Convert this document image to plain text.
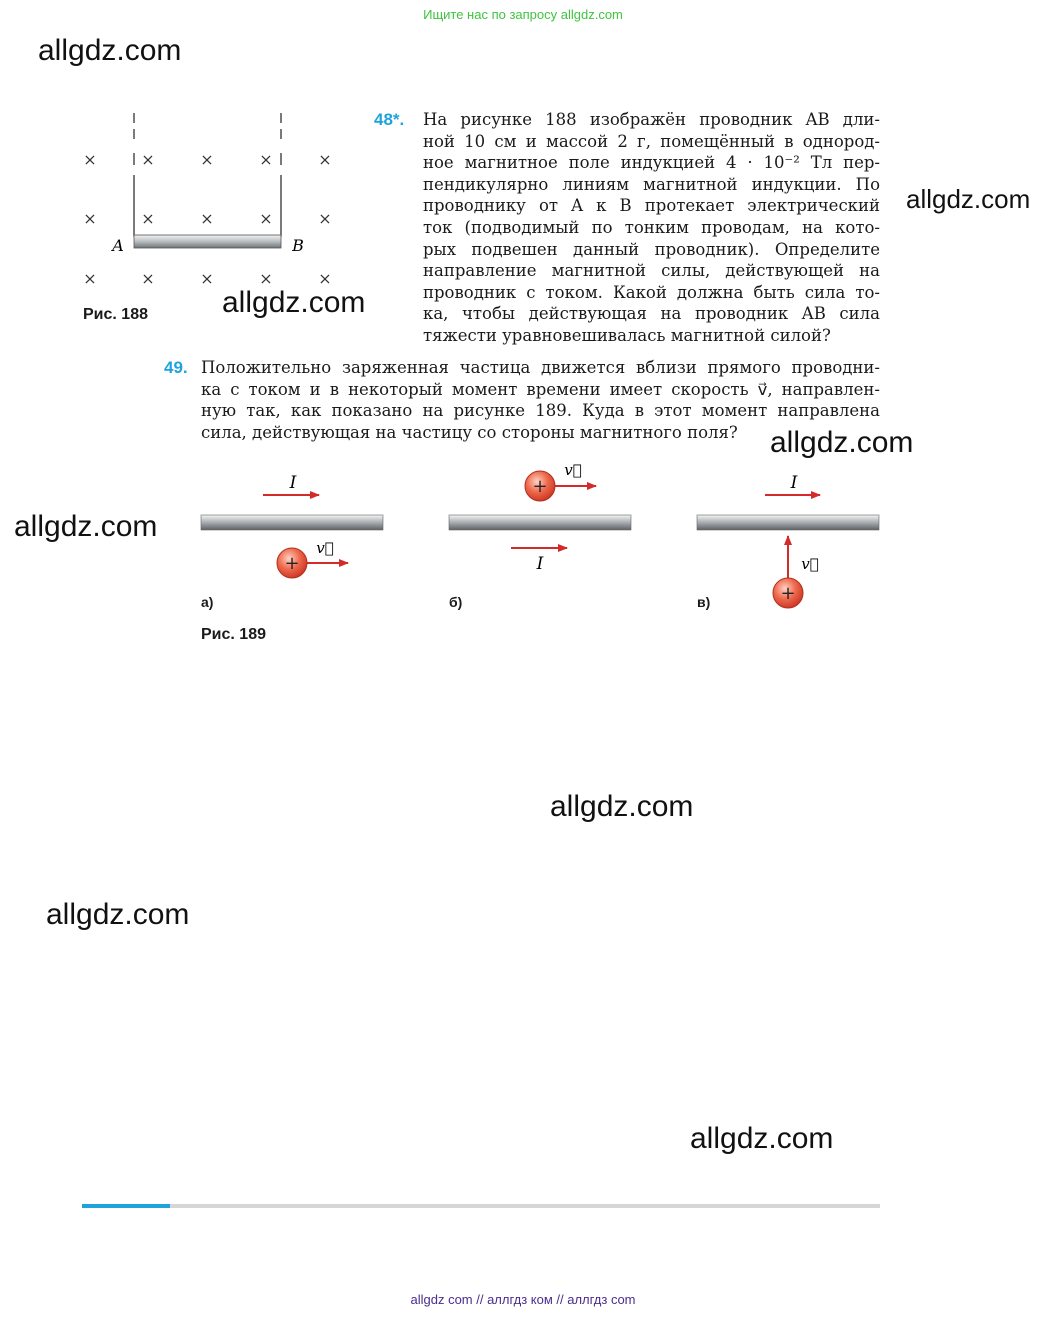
Ищите нас по запросу allgdz.com
allgdz.com
allgdz.com
allgdz.com
allgdz.com
allgdz.com
allgdz.com
allgdz.com
allgdz.com
×	×	×	×	×
×	×	×	×	×
×	×	×	×	×
A	B
Рис. 188
48*. На рисунке 188 изображён проводник AB дли-
ной 10 см и массой 2 г, помещённый в однород-
ное магнитное поле индукцией 4 · 10⁻² Тл пер-
пендикулярно линиям магнитной индукции. По
проводнику от A к B протекает электрический
ток (подводимый по тонким проводам, на кото-
рых подвешен данный проводник). Определите
направление магнитной силы, действующей на
проводник с током. Какой должна быть сила то-
ка, чтобы действующая на проводник AB сила
тяжести уравновешивалась магнитной силой?
49. Положительно заряженная частица движется вблизи прямого проводни-
ка с током и в некоторый момент времени имеет скорость v⃗, направлен-
ную так, как показано на рисунке 189. Куда в этот момент направлена
сила, действующая на частицу со стороны магнитного поля?
I
v⃗
+	I
v⃗
+	I
v⃗
+
а)	б)	в)
Рис. 189
allgdz com // аллгдз ком // аллгдз com
